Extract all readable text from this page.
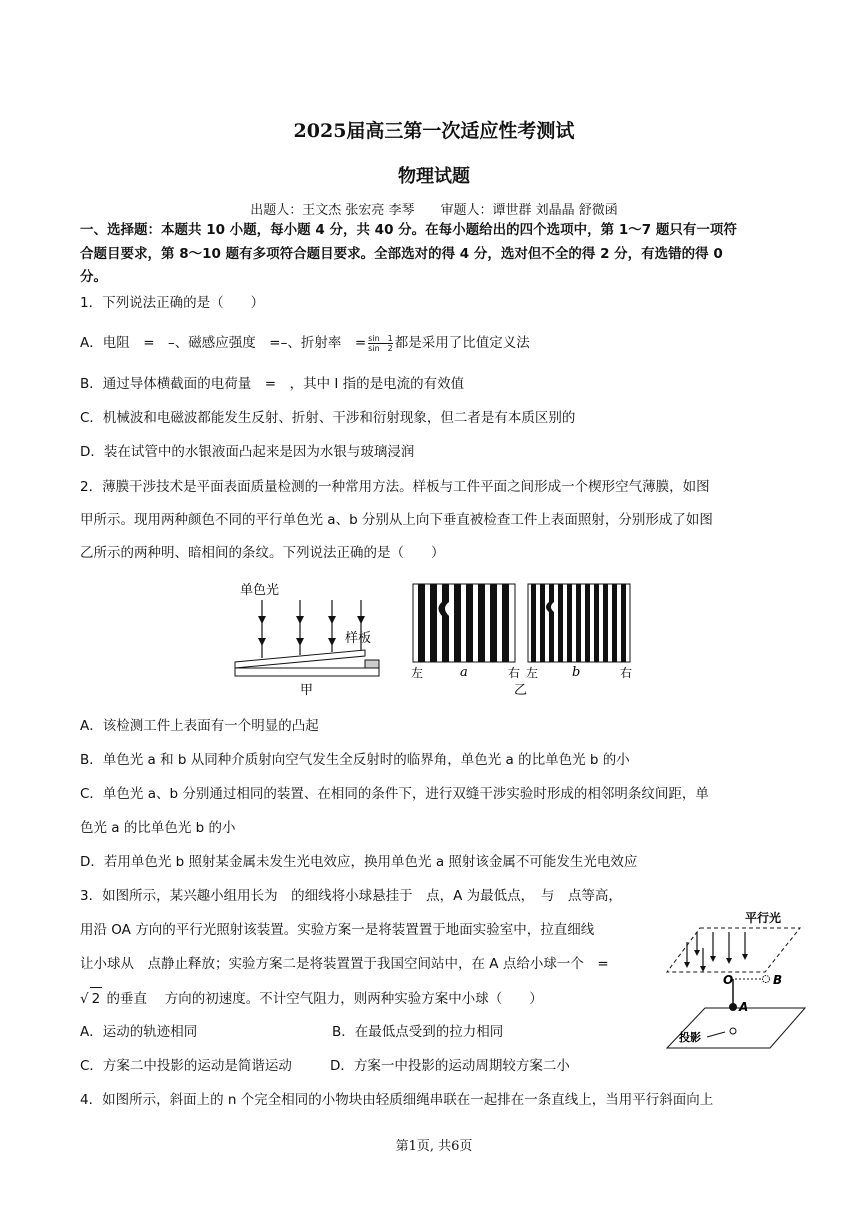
2025届高三第一次适应性考测试
物理试题
出题人：王文杰 张宏亮 李琴　　审题人：谭世群 刘晶晶 舒微函
一、选择题：本题共 10 小题，每小题 4 分，共 40 分。在每小题给出的四个选项中，第 1～7 题只有一项符
合题目要求，第 8～10 题有多项符合题目要求。全部选对的得 4 分，选对但不全的得 2 分，有选错的得 0
分。
1．下列说法正确的是（　　）
A．电阻　=　–、磁感应强度　=–、折射率　= $\frac{\sin 1}{\sin 2}$ 都是采用了比值定义法
B．通过导体横截面的电荷量　=　，其中 I 指的是电流的有效值
C．机械波和电磁波都能发生反射、折射、干涉和衍射现象，但二者是有本质区别的
D．装在试管中的水银液面凸起来是因为水银与玻璃浸润
2．薄膜干涉技术是平面表面质量检测的一种常用方法。样板与工件平面之间形成一个楔形空气薄膜，如图
甲所示。现用两种颜色不同的平行单色光 a、b 分别从上向下垂直被检查工件上表面照射，分别形成了如图
乙所示的两种明、暗相间的条纹。下列说法正确的是（　　）
单色光
样板
甲
左	a	右 左	b	右
乙
A．该检测工件上表面有一个明显的凸起
B．单色光 a 和 b 从同种介质射向空气发生全反射时的临界角，单色光 a 的比单色光 b 的小
C．单色光 a、b 分别通过相同的装置、在相同的条件下，进行双缝干涉实验时形成的相邻明条纹间距，单
色光 a 的比单色光 b 的小
D．若用单色光 b 照射某金属未发生光电效应，换用单色光 a 照射该金属不可能发生光电效应
3．如图所示，某兴趣小组用长为　的细线将小球悬挂于　点，A 为最低点，　与　点等高，
用沿 OA 方向的平行光照射该装置。实验方案一是将装置置于地面实验室中，拉直细线
让小球从　点静止释放；实验方案二是将装置置于我国空间站中，在 A 点给小球一个　=
√ 2 的垂直　 方向的初速度。不计空气阻力，则两种实验方案中小球（　　）
A．运动的轨迹相同	B．在最低点受到的拉力相同
C．方案二中投影的运动是简谐运动	D．方案一中投影的运动周期较方案二小
平行光
O	B
A
投影
4．如图所示，斜面上的 n 个完全相同的小物块由轻质细绳串联在一起排在一条直线上，当用平行斜面向上
第1页, 共6页
